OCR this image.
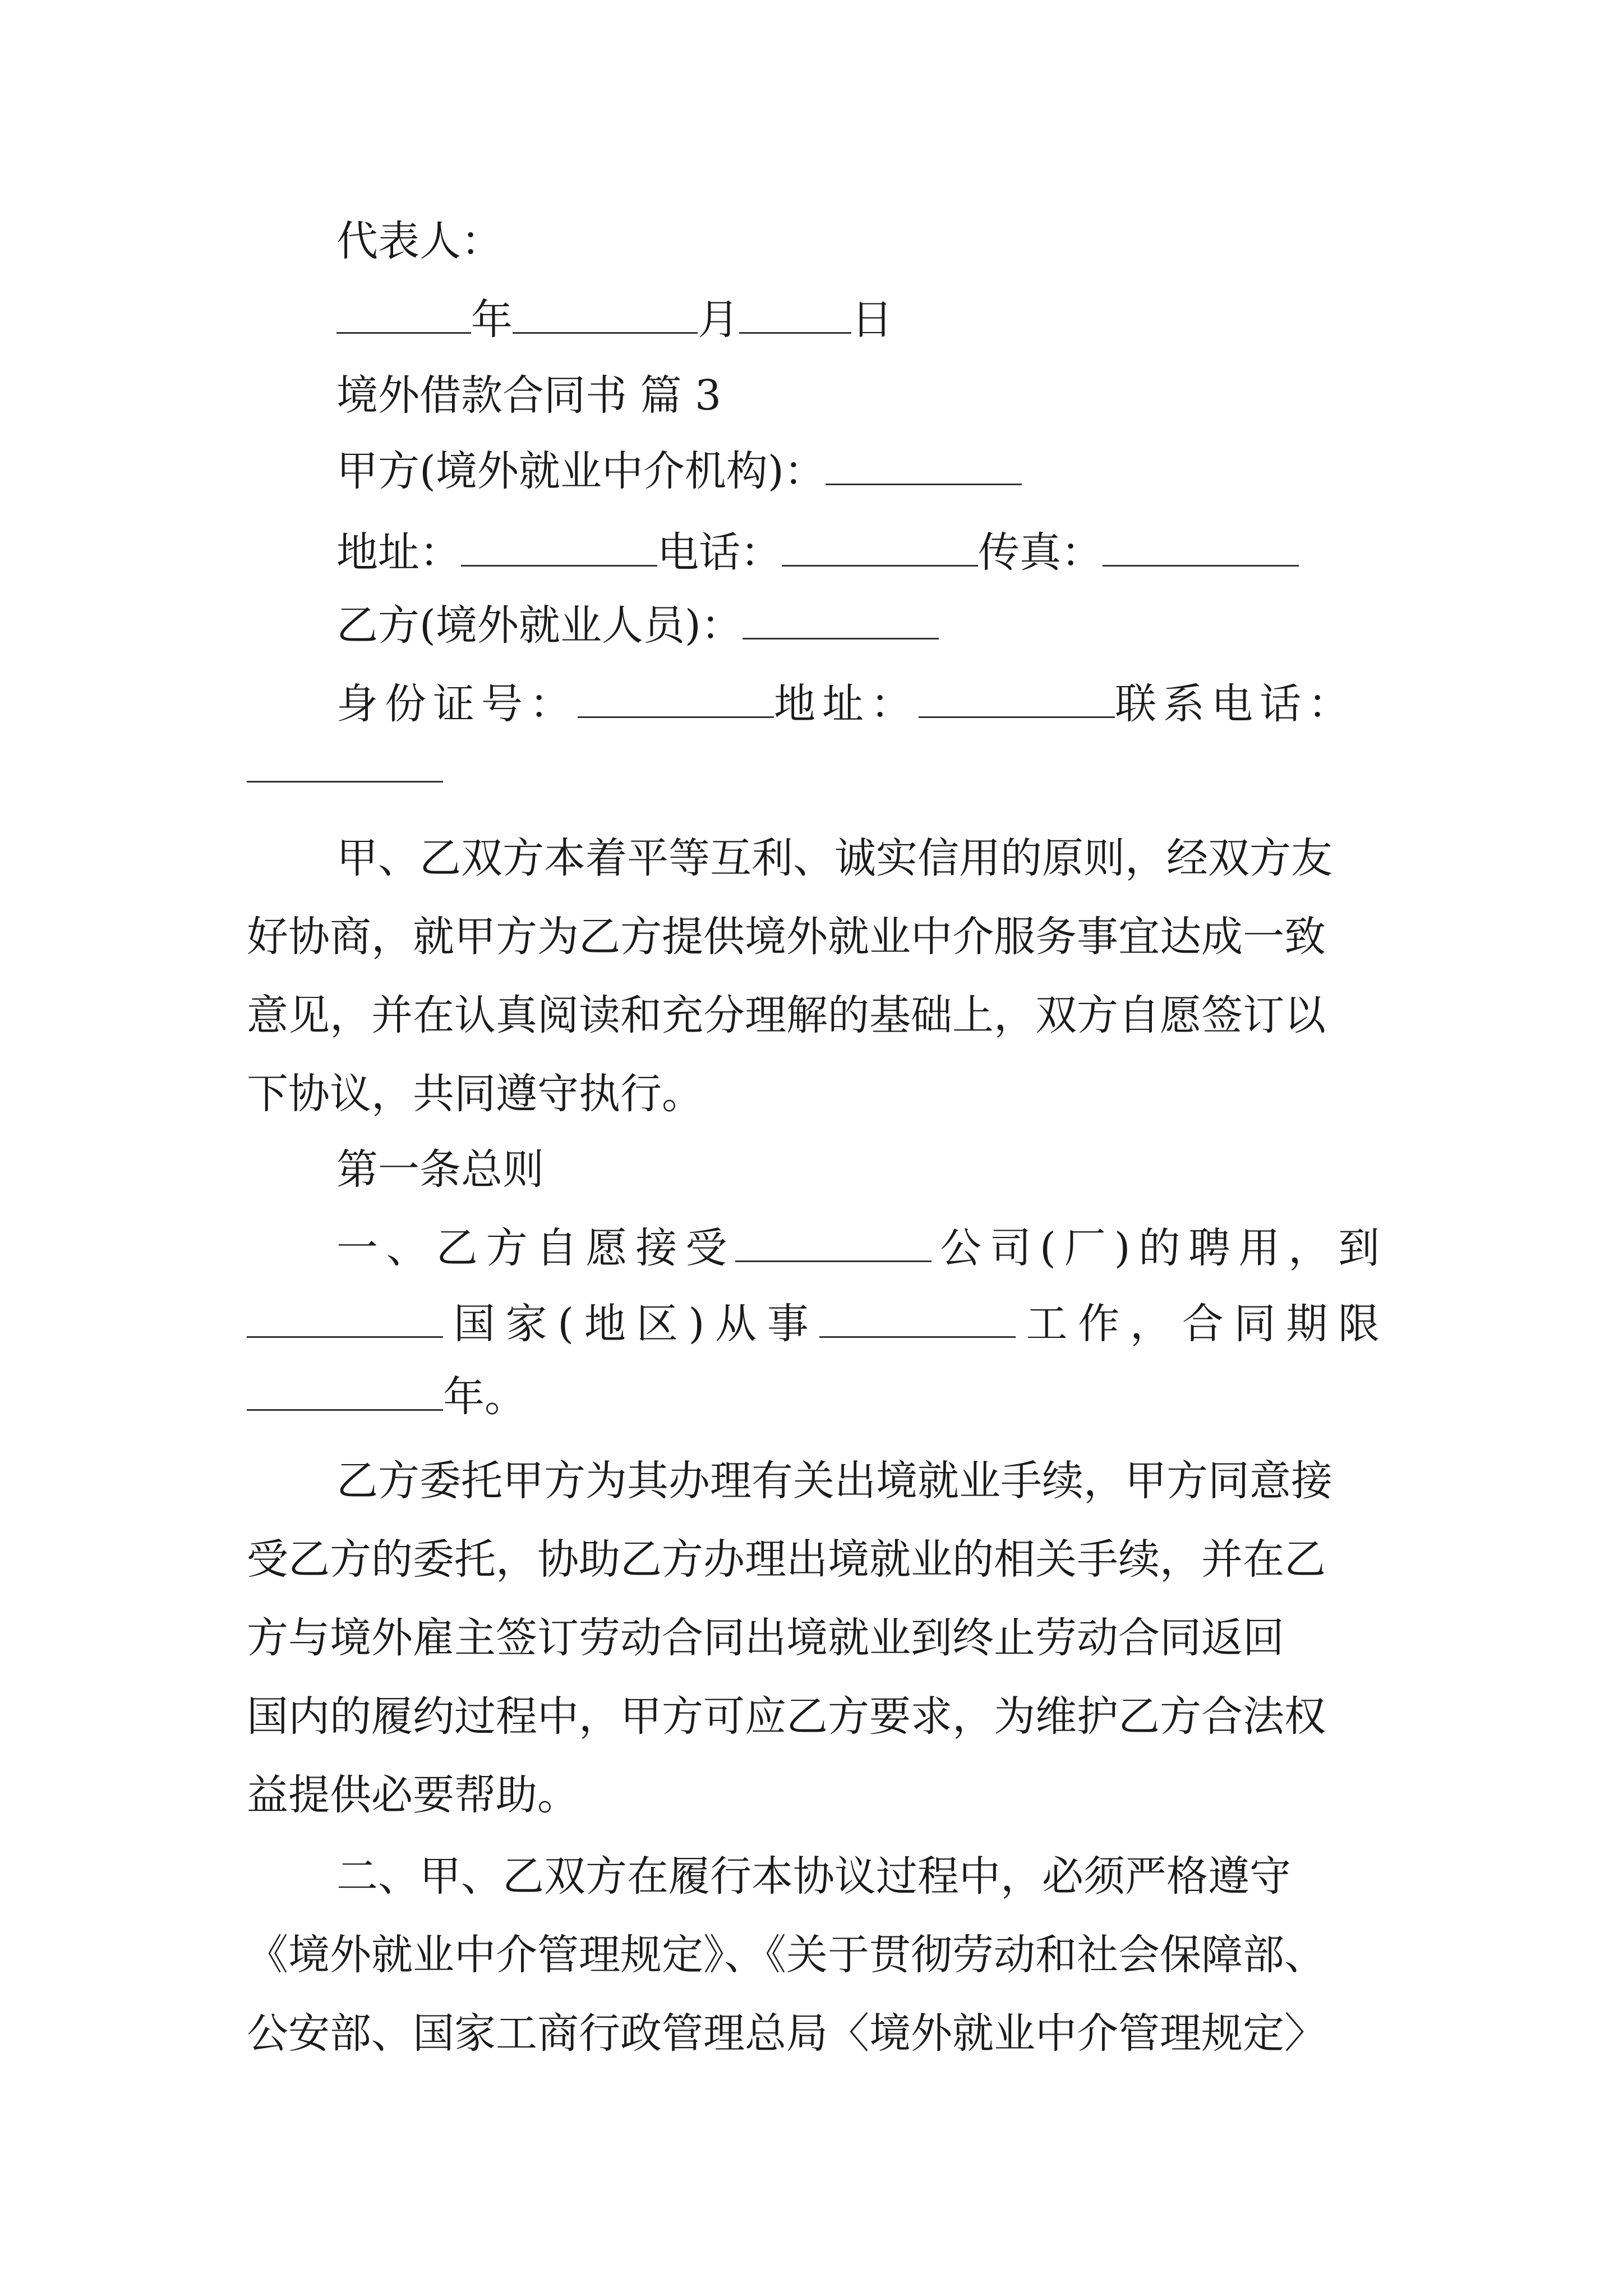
代表人：
年	月	日
境外借款合同书 篇 3
甲方(境外就业中介机构)：
地址：	电话：	传真：
乙方(境外就业人员)：
身份证号：	地址：	联系电话：
甲、乙双方本着平等互利、诚实信用的原则，经双方友
好协商，就甲方为乙方提供境外就业中介服务事宜达成一致
意见，并在认真阅读和充分理解的基础上，双方自愿签订以
下协议，共同遵守执行。
第一条总则
一、乙方自愿接受	公司(厂)的聘用，到
国家(地区)从事	工作，合同期限
年。
乙方委托甲方为其办理有关出境就业手续，甲方同意接
受乙方的委托，协助乙方办理出境就业的相关手续，并在乙
方与境外雇主签订劳动合同出境就业到终止劳动合同返回
国内的履约过程中，甲方可应乙方要求，为维护乙方合法权
益提供必要帮助。
二、甲、乙双方在履行本协议过程中，必须严格遵守
《境外就业中介管理规定》、《关于贯彻劳动和社会保障部、
公安部、国家工商行政管理总局〈境外就业中介管理规定〉
